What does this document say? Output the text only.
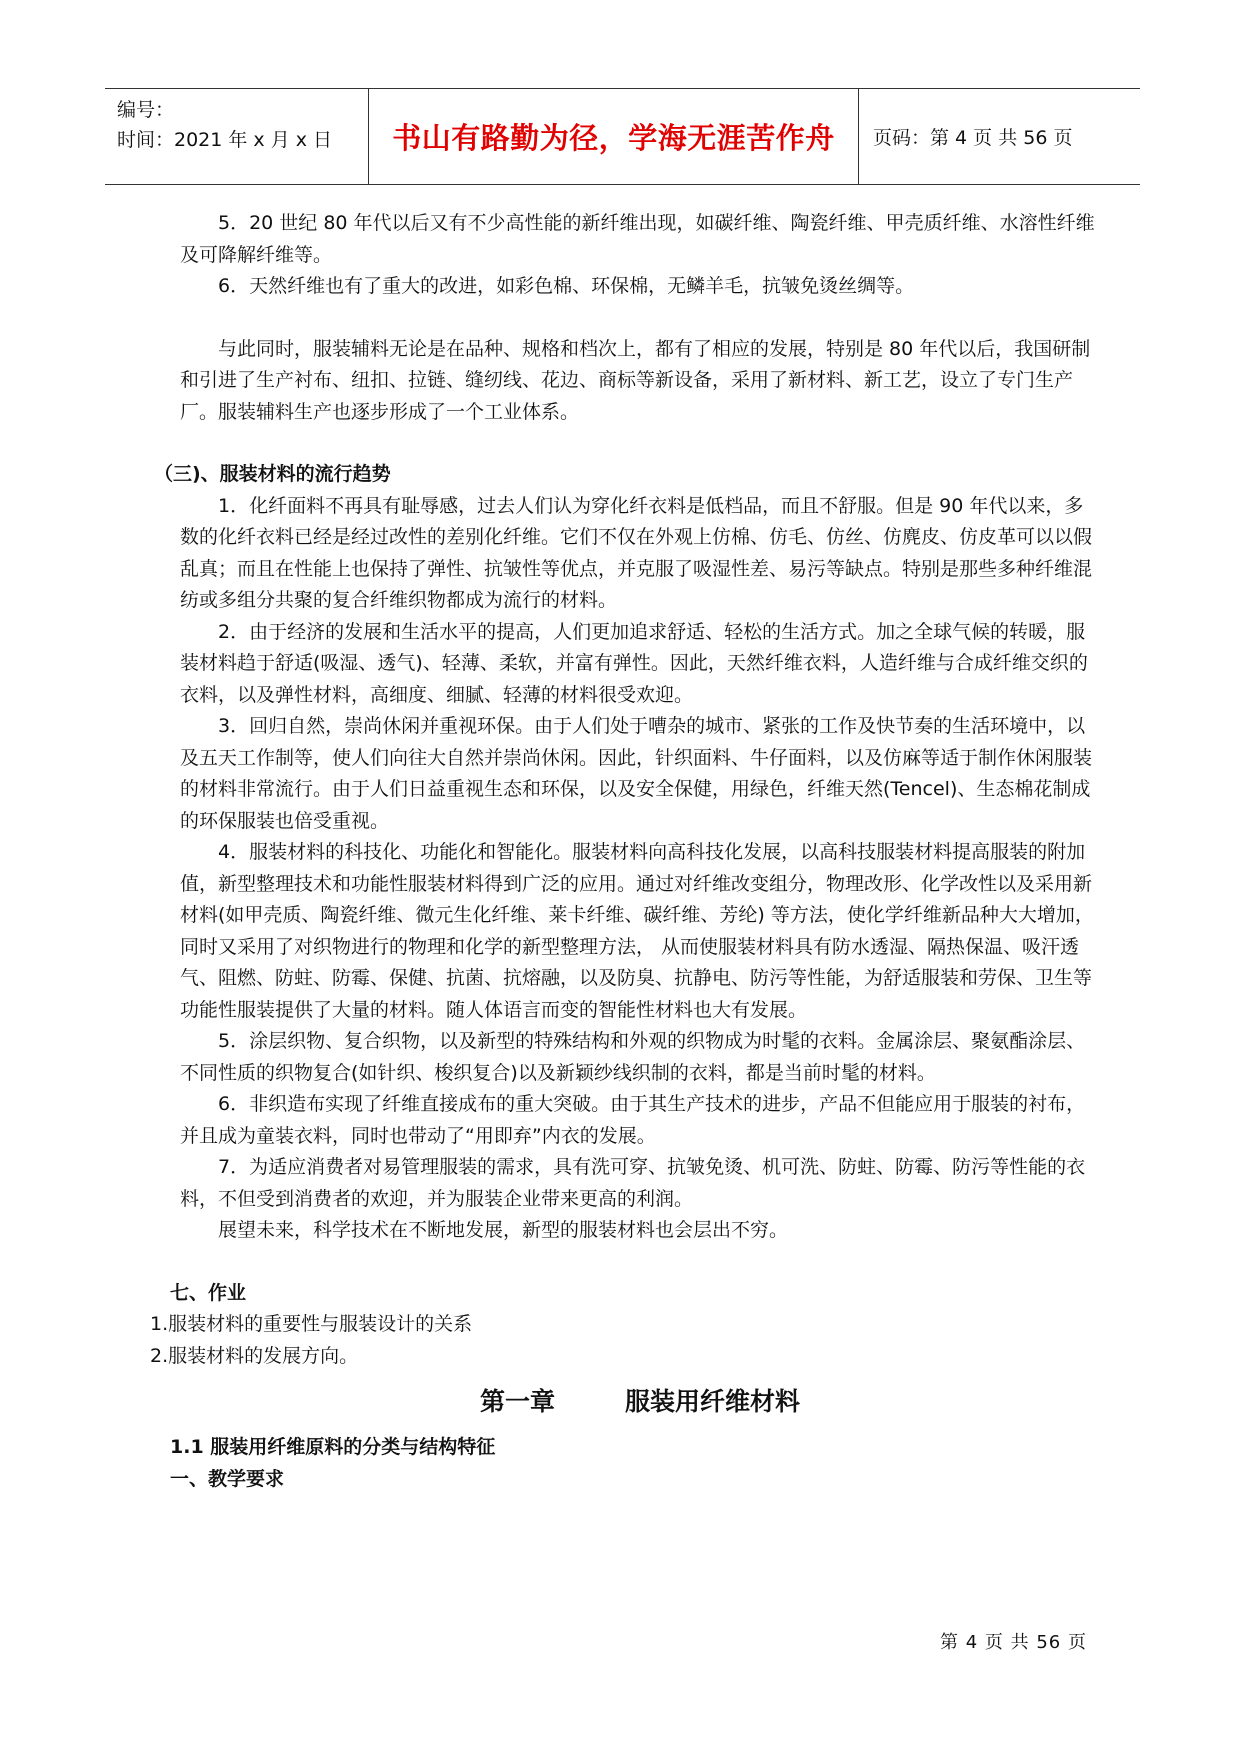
编号：
时间：2021 年 x 月 x 日	书山有路勤为径，学海无涯苦作舟	页码：第 4 页 共 56 页

5．20 世纪 80 年代以后又有不少高性能的新纤维出现，如碳纤维、陶瓷纤维、甲壳质纤维、水溶性纤维及可降解纤维等。

6．天然纤维也有了重大的改进，如彩色棉、环保棉，无鳞羊毛，抗皱免烫丝绸等。

与此同时，服装辅料无论是在品种、规格和档次上，都有了相应的发展，特别是 80 年代以后，我国研制和引进了生产衬布、纽扣、拉链、缝纫线、花边、商标等新设备，采用了新材料、新工艺，设立了专门生产厂。服装辅料生产也逐步形成了一个工业体系。

（三)、服装材料的流行趋势

1．化纤面料不再具有耻辱感，过去人们认为穿化纤衣料是低档品，而且不舒服。但是 90 年代以来，多数的化纤衣料已经是经过改性的差别化纤维。它们不仅在外观上仿棉、仿毛、仿丝、仿麂皮、仿皮革可以以假乱真；而且在性能上也保持了弹性、抗皱性等优点，并克服了吸湿性差、易污等缺点。特别是那些多种纤维混纺或多组分共聚的复合纤维织物都成为流行的材料。

2．由于经济的发展和生活水平的提高，人们更加追求舒适、轻松的生活方式。加之全球气候的转暖，服装材料趋于舒适(吸湿、透气)、轻薄、柔软，并富有弹性。因此，天然纤维衣料，人造纤维与合成纤维交织的衣料，以及弹性材料，高细度、细腻、轻薄的材料很受欢迎。

3．回归自然，崇尚休闲并重视环保。由于人们处于嘈杂的城市、紧张的工作及快节奏的生活环境中，以及五天工作制等，使人们向往大自然并崇尚休闲。因此，针织面料、牛仔面料，以及仿麻等适于制作休闲服装的材料非常流行。由于人们日益重视生态和环保，以及安全保健，用绿色，纤维天然(Tencel)、生态棉花制成的环保服装也倍受重视。

4．服装材料的科技化、功能化和智能化。服装材料向高科技化发展，以高科技服装材料提高服装的附加值，新型整理技术和功能性服装材料得到广泛的应用。通过对纤维改变组分，物理改形、化学改性以及采用新材料(如甲壳质、陶瓷纤维、微元生化纤维、莱卡纤维、碳纤维、芳纶) 等方法，使化学纤维新品种大大增加，同时又采用了对织物进行的物理和化学的新型整理方法， 从而使服装材料具有防水透湿、隔热保温、吸汗透气、阻燃、防蛀、防霉、保健、抗菌、抗熔融，以及防臭、抗静电、防污等性能，为舒适服装和劳保、卫生等功能性服装提供了大量的材料。随人体语言而变的智能性材料也大有发展。

5．涂层织物、复合织物，以及新型的特殊结构和外观的织物成为时髦的衣料。金属涂层、聚氨酯涂层、不同性质的织物复合(如针织、梭织复合)以及新颖纱线织制的衣料，都是当前时髦的材料。

6．非织造布实现了纤维直接成布的重大突破。由于其生产技术的进步，产品不但能应用于服装的衬布，并且成为童装衣料，同时也带动了“用即弃”内衣的发展。

7．为适应消费者对易管理服装的需求，具有洗可穿、抗皱免烫、机可洗、防蛀、防霉、防污等性能的衣料，不但受到消费者的欢迎，并为服装企业带来更高的利润。

展望未来，科学技术在不断地发展，新型的服装材料也会层出不穷。

七、作业

1.服装材料的重要性与服装设计的关系

2.服装材料的发展方向。

第一章	服装用纤维材料

1.1 服装用纤维原料的分类与结构特征

一、教学要求

第 4 页 共 56 页
